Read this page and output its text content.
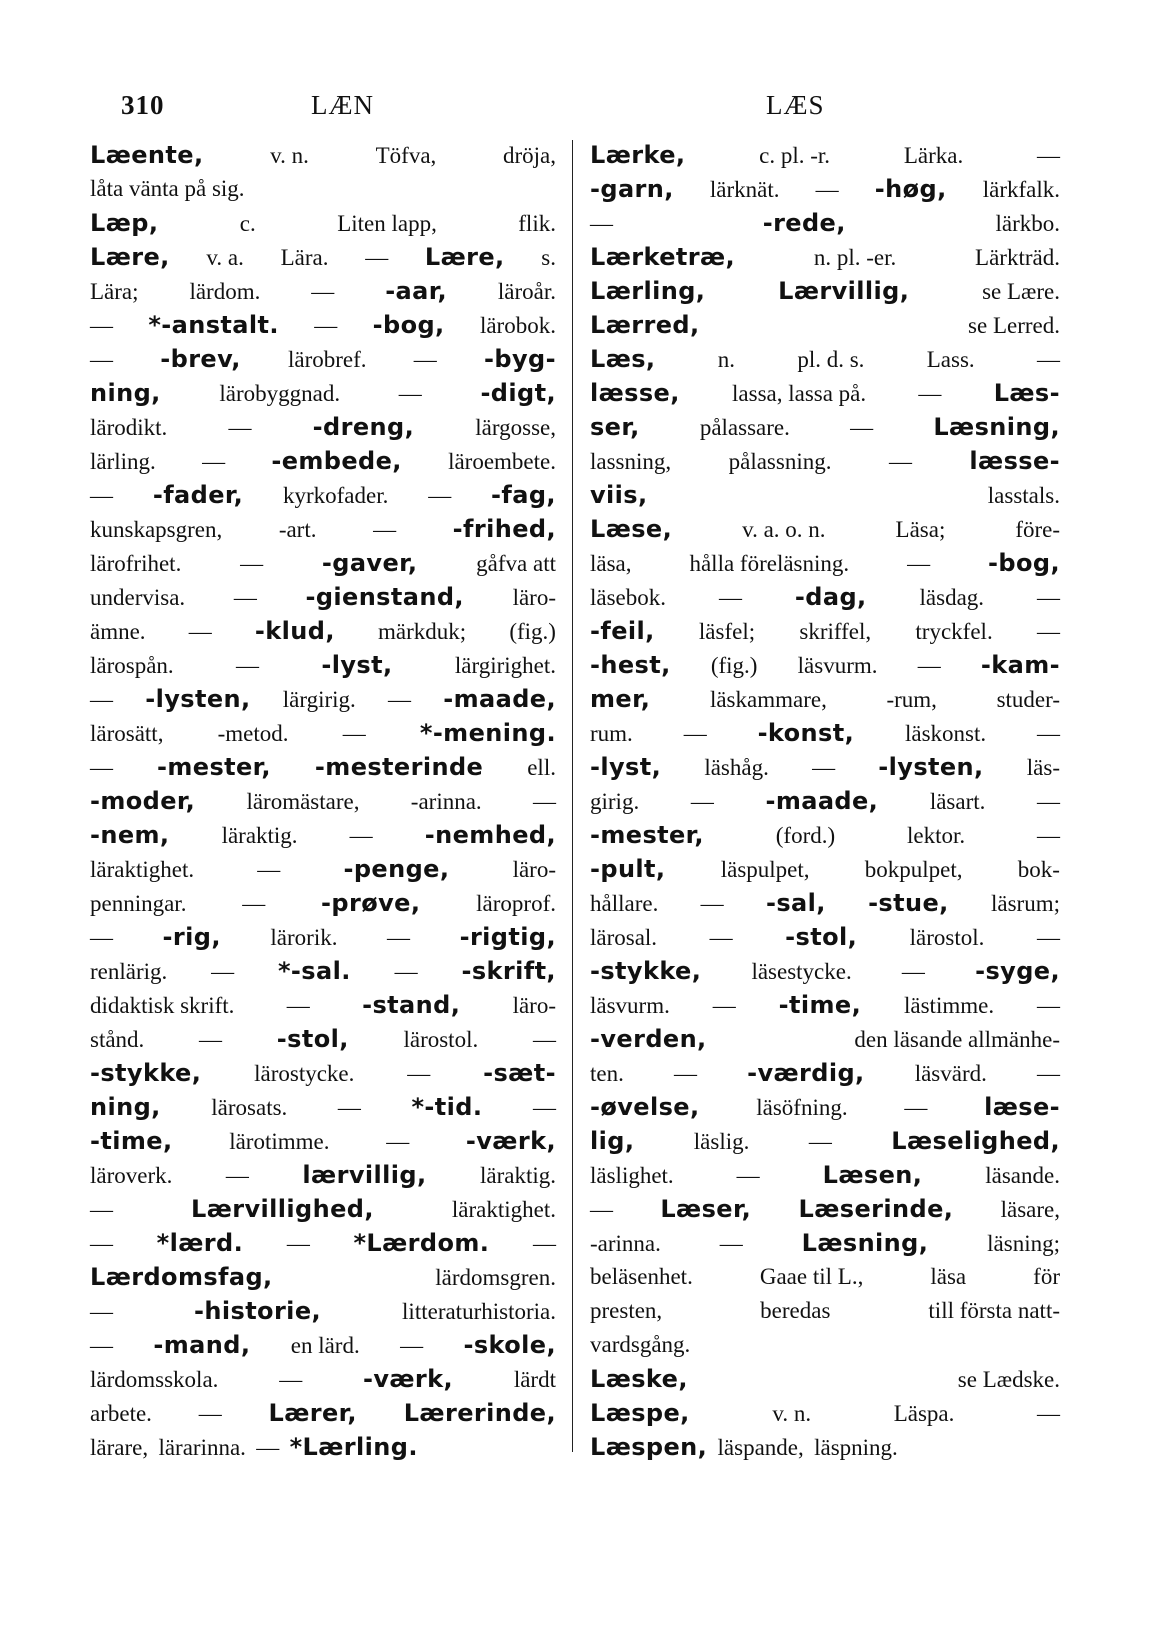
310	LÆN	LÆS
Læente,	v. n.	Töfva,	dröja,
låta vänta på sig.
Læp,	c.	Liten lapp,	flik.
Lære, v. a. Lära. — Lære, s.
Lära; lärdom. — -aar, läroår.
— *-anstalt. — -bog, lärobok.
— -brev, lärobref. — -byg-
ning,	lärobyggnad.	— -digt,
lärodikt.	—	-dreng,	lärgosse,
lärling. — -embede, läroembete.
— -fader, kyrkofader. — -fag,
kunskapsgren, -art. — -frihed,
lärofrihet.	— -gaver,	gåfva att
undervisa. — -gienstand, läro-
ämne. — -klud, märkduk; (fig.)
lärospån.	—	-lyst,	lärgirighet.
— -lysten, lärgirig. — -maade,
lärosätt, -metod. — *-mening.
— -mester, -mesterinde ell.
-moder, läromästare, -arinna. —
-nem, läraktig. — -nemhed,
läraktighet.	—	-penge,	läro-
penningar. — -prøve, läroprof.
— -rig, lärorik. — -rigtig,
renlärig. — *-sal. — -skrift,
didaktisk skrift. — -stand, läro-
stånd. — -stol, lärostol. —
-stykke, lärostycke. — -sæt-
ning, lärosats. — *-tid. —
-time, lärotimme. — -værk,
läroverk. — lærvillig, läraktig.
—	Lærvillighed,	läraktighet.
— *lærd. — *Lærdom. —
Lærdomsfag,	lärdomsgren.
—	-historie,	litteraturhistoria.
— -mand, en lärd. — -skole,
lärdomsskola.	—	-værk,	lärdt
arbete. — Lærer, Lærerinde,
lärare, lärarinna. — *Lærling.
Lærke,	c. pl. -r.	Lärka.	—
-garn, lärknät. — -høg, lärkfalk.
—	-rede,	lärkbo.
Lærketræ,	n. pl. -er.	Lärkträd.
Lærling,	Lærvillig,	se Lære.
Lærred,	se Lerred.
Læs,	n.	pl. d. s.	Lass.	—
læsse, lassa, lassa på. — Læs-
ser,	pålassare.	—	Læsning,
lassning, pålassning. — læsse-
viis,	lasstals.
Læse,	v. a. o. n.	Läsa;	före-
läsa,	hålla föreläsning.	— -bog,
läsebok. — -dag, läsdag. —
-feil, läsfel; skriffel, tryckfel. —
-hest, (fig.) läsvurm. — -kam-
mer,	läskammare,	-rum,	studer-
rum. — -konst, läskonst. —
-lyst, läshåg. — -lysten, läs-
girig. — -maade, läsart. —
-mester,	(ford.)	lektor.	—
-pult, läspulpet, bokpulpet, bok-
hållare. — -sal, -stue, läsrum;
lärosal. — -stol, lärostol. —
-stykke, läsestycke. — -syge,
läsvurm. — -time, lästimme. —
-verden,	den läsande allmänhe-
ten. — -værdig, läsvärd. —
-øvelse, läsöfning. — læse-
lig,	läslig.	— Læselighed,
läslighet.	—	Læsen,	läsande.
— Læser, Læserinde, läsare,
-arinna.	— Læsning,	läsning;
beläsenhet.	Gaae til L.,	läsa	för
presten,	beredas	till första natt-
vardsgång.
Læske,	se Lædske.
Læspe,	v. n.	Läspa.	—
Læspen, läspande, läspning.
